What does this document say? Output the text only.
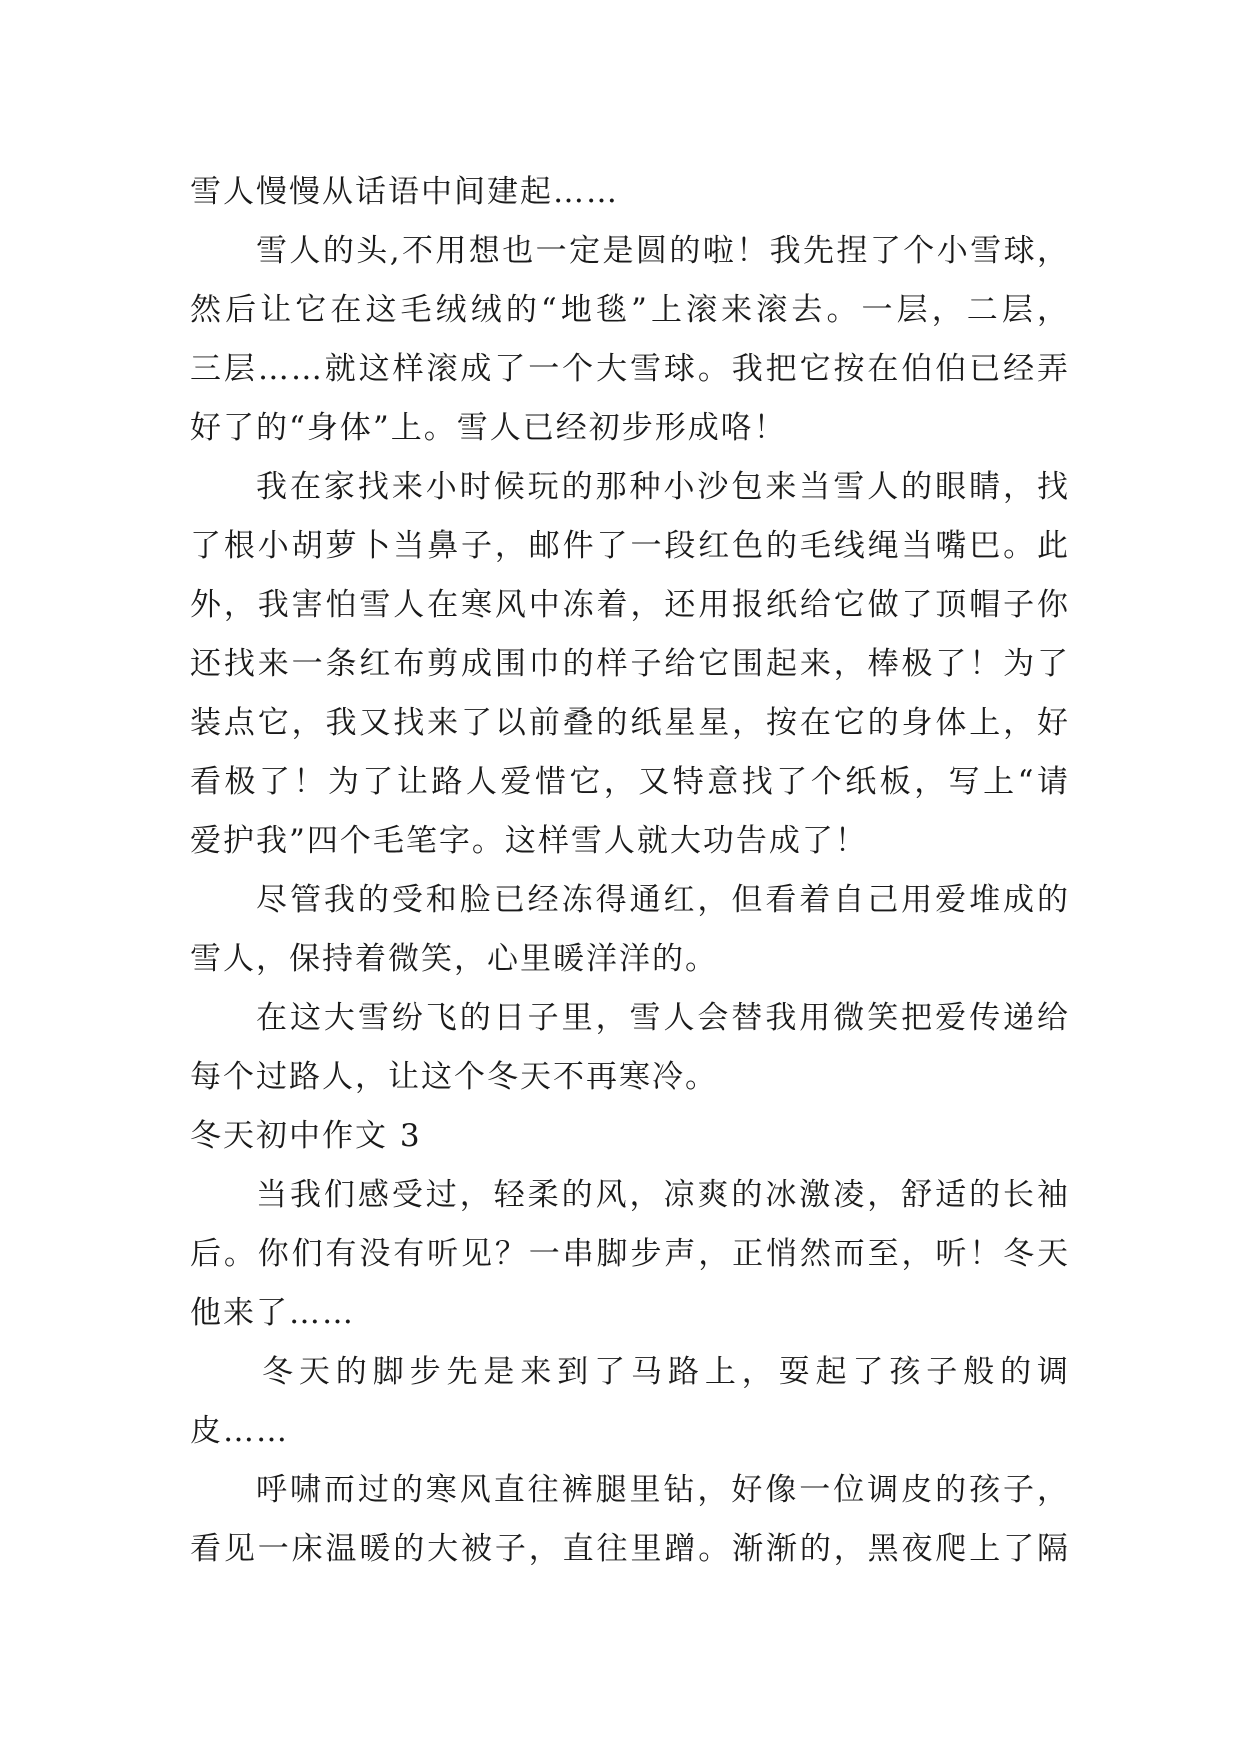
雪人慢慢从话语中间建起……
雪人的头,不用想也一定是圆的啦！我先捏了个小雪球，
然后让它在这毛绒绒的“地毯”上滚来滚去。一层，二层，
三层……就这样滚成了一个大雪球。我把它按在伯伯已经弄
好了的“身体”上。雪人已经初步形成咯！
我在家找来小时候玩的那种小沙包来当雪人的眼睛，找
了根小胡萝卜当鼻子，邮件了一段红色的毛线绳当嘴巴。此
外，我害怕雪人在寒风中冻着，还用报纸给它做了顶帽子你
还找来一条红布剪成围巾的样子给它围起来，棒极了！为了
装点它，我又找来了以前叠的纸星星，按在它的身体上，好
看极了！为了让路人爱惜它，又特意找了个纸板，写上“请
爱护我”四个毛笔字。这样雪人就大功告成了！
尽管我的受和脸已经冻得通红，但看着自己用爱堆成的
雪人，保持着微笑，心里暖洋洋的。
在这大雪纷飞的日子里，雪人会替我用微笑把爱传递给
每个过路人，让这个冬天不再寒冷。
冬天初中作文 3
当我们感受过，轻柔的风，凉爽的冰激凌，舒适的长袖
后。你们有没有听见？一串脚步声，正悄然而至，听！冬天
他来了……
冬天的脚步先是来到了马路上，耍起了孩子般的调
皮……
呼啸而过的寒风直往裤腿里钻，好像一位调皮的孩子，
看见一床温暖的大被子，直往里蹭。渐渐的，黑夜爬上了隔
